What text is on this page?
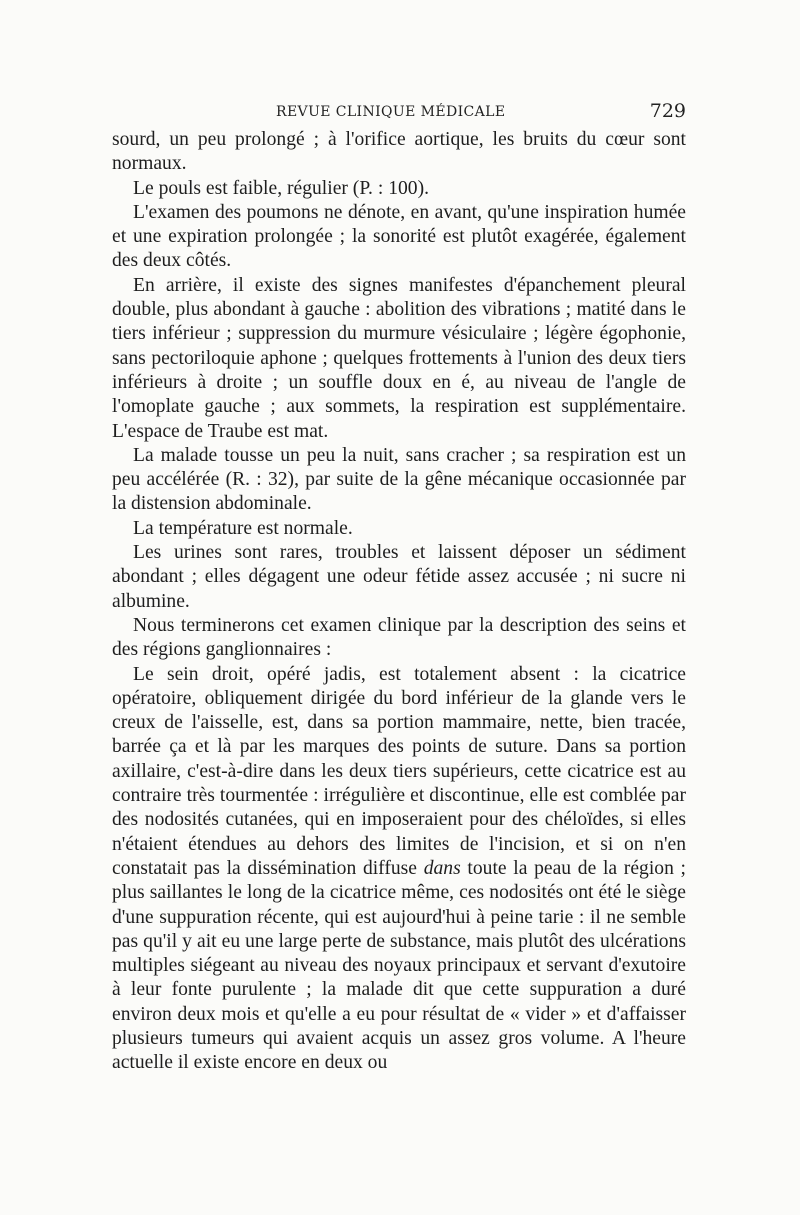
REVUE CLINIQUE MÉDICALE	729

sourd, un peu prolongé ; à l'orifice aortique, les bruits du cœur sont normaux.

Le pouls est faible, régulier (P. : 100).

L'examen des poumons ne dénote, en avant, qu'une inspiration humée et une expiration prolongée ; la sonorité est plutôt exagérée, également des deux côtés.

En arrière, il existe des signes manifestes d'épanchement pleural double, plus abondant à gauche : abolition des vibrations ; matité dans le tiers inférieur ; suppression du murmure vésiculaire ; légère égophonie, sans pectoriloquie aphone ; quelques frottements à l'union des deux tiers inférieurs à droite ; un souffle doux en é, au niveau de l'angle de l'omoplate gauche ; aux sommets, la respiration est supplémentaire. L'espace de Traube est mat.

La malade tousse un peu la nuit, sans cracher ; sa respiration est un peu accélérée (R. : 32), par suite de la gêne mécanique occasionnée par la distension abdominale.

La température est normale.

Les urines sont rares, troubles et laissent déposer un sédiment abondant ; elles dégagent une odeur fétide assez accusée ; ni sucre ni albumine.

Nous terminerons cet examen clinique par la description des seins et des régions ganglionnaires :

Le sein droit, opéré jadis, est totalement absent : la cicatrice opératoire, obliquement dirigée du bord inférieur de la glande vers le creux de l'aisselle, est, dans sa portion mammaire, nette, bien tracée, barrée ça et là par les marques des points de suture. Dans sa portion axillaire, c'est-à-dire dans les deux tiers supérieurs, cette cicatrice est au contraire très tourmentée : irrégulière et discontinue, elle est comblée par des nodosités cutanées, qui en imposeraient pour des chéloïdes, si elles n'étaient étendues au dehors des limites de l'incision, et si on n'en constatait pas la dissémination diffuse dans toute la peau de la région ; plus saillantes le long de la cicatrice même, ces nodosités ont été le siège d'une suppuration récente, qui est aujourd'hui à peine tarie : il ne semble pas qu'il y ait eu une large perte de substance, mais plutôt des ulcérations multiples siégeant au niveau des noyaux principaux et servant d'exutoire à leur fonte purulente ; la malade dit que cette suppuration a duré environ deux mois et qu'elle a eu pour résultat de « vider » et d'affaisser plusieurs tumeurs qui avaient acquis un assez gros volume. A l'heure actuelle il existe encore en deux ou
